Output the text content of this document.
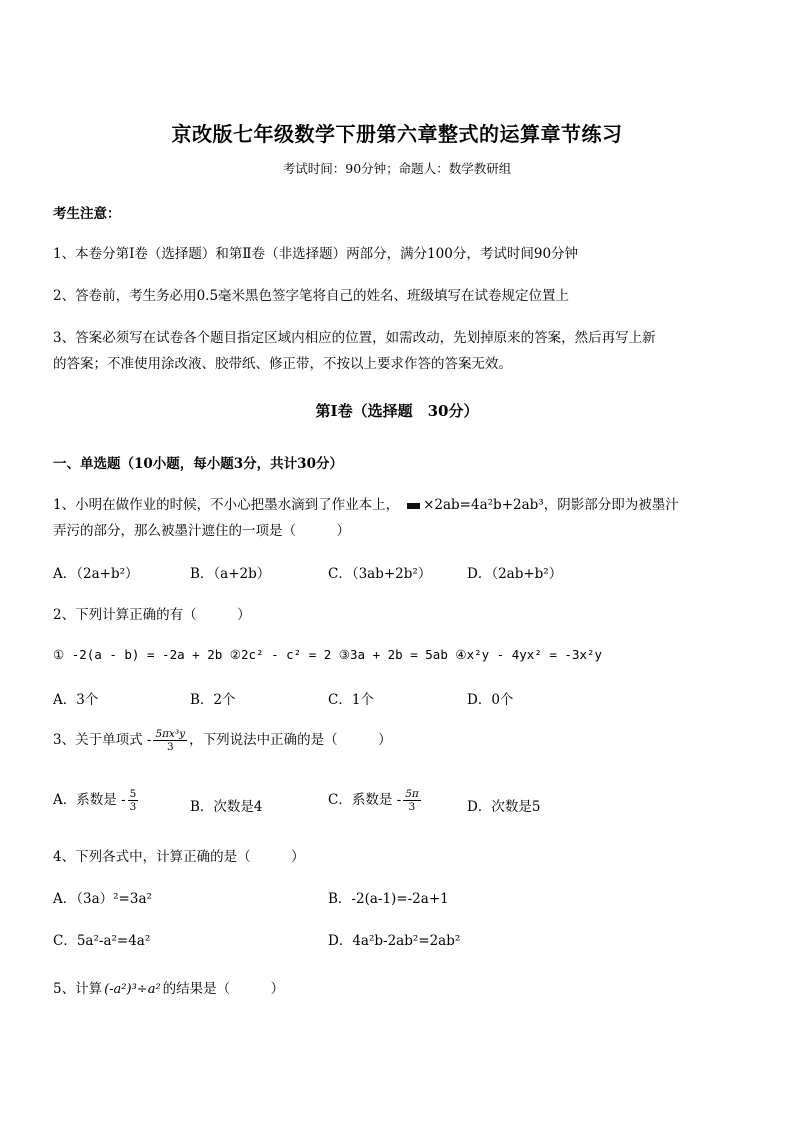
京改版七年级数学下册第六章整式的运算章节练习
考试时间：90分钟；命题人：数学教研组
考生注意：
1、本卷分第Ⅰ卷（选择题）和第Ⅱ卷（非选择题）两部分，满分100分，考试时间90分钟
2、答卷前，考生务必用0.5毫米黑色签字笔将自己的姓名、班级填写在试卷规定位置上
3、答案必须写在试卷各个题目指定区域内相应的位置，如需改动，先划掉原来的答案，然后再写上新
的答案；不准使用涂改液、胶带纸、修正带，不按以上要求作答的答案无效。
第Ⅰ卷（选择题　30分）
一、单选题（10小题，每小题3分，共计30分）
1、小明在做作业的时候，不小心把墨水滴到了作业本上， ×2ab=4a²b+2ab³，阴影部分即为被墨汁
弄污的部分，那么被墨汁遮住的一项是（　　　）
A．（2a+b²）	B．（a+2b）	C．（3ab+2b²）	D．（2ab+b²）
2、下列计算正确的有（　　　）
① -2(a - b) = -2a + 2b ②2c² - c² = 2 ③3a + 2b = 5ab ④x²y - 4yx² = -3x²y
A．3个	B．2个	C．1个	D．0个
3、关于单项式 - $\frac{\text{5πx³y}}{3}$ ，下列说法中正确的是（　　　）
A．系数是 - $\frac{5}{3}$	B．次数是4	C．系数是 - $\frac{5\pi}{3}$	D．次数是5
4、下列各式中，计算正确的是（　　　）
A．（3a）²=3a²	B．-2(a-1)=-2a+1
C．5a²-a²=4a²	D．4a²b-2ab²=2ab²
5、计算 (-a²)³÷a² 的结果是（　　　）
